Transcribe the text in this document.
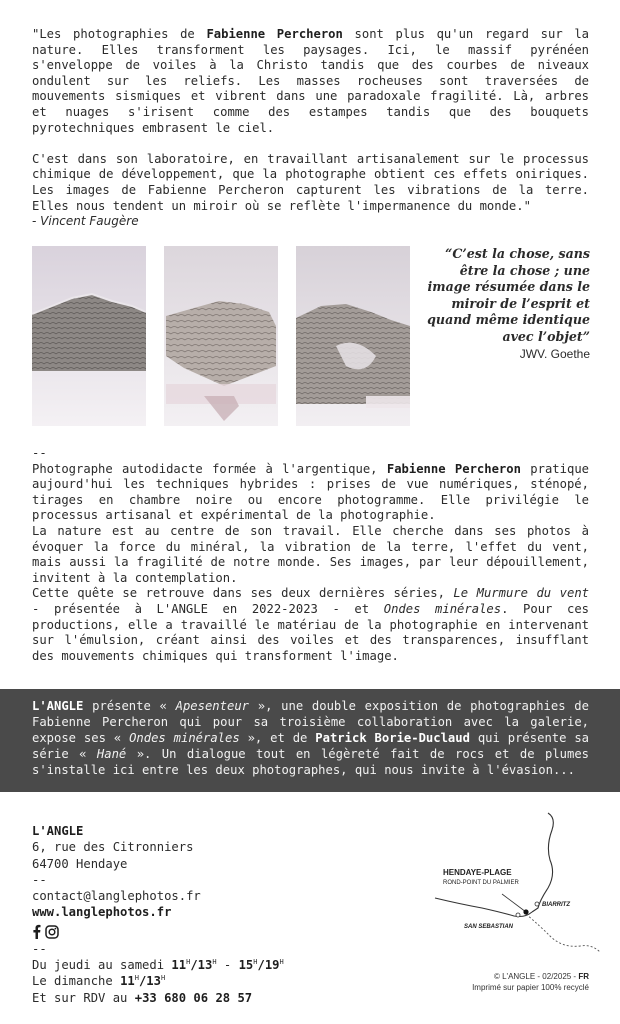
"Les photographies de Fabienne Percheron sont plus qu'un regard sur la nature. Elles transforment les paysages. Ici, le massif pyrénéen s'enveloppe de voiles à la Christo tandis que des courbes de niveaux ondulent sur les reliefs. Les masses rocheuses sont traversées de mouvements sismiques et vibrent dans une paradoxale fragilité. Là, arbres et nuages s'irisent comme des estampes tandis que des bouquets pyrotechniques embrasent le ciel.

C'est dans son laboratoire, en travaillant artisanalement sur le processus chimique de développement, que la photographe obtient ces effets oniriques. Les images de Fabienne Percheron capturent les vibrations de la terre. Elles nous tendent un miroir où se reflète l'impermanence du monde."

- Vincent Faugère

“C’est la chose, sans être la chose ; une image résumée dans le miroir de l’esprit et quand même identique avec l’objet”
JWV. Goethe

--

Photographe autodidacte formée à l'argentique, Fabienne Percheron pratique aujourd'hui les techniques hybrides : prises de vue numériques, sténopé, tirages en chambre noire ou encore photogramme. Elle privilégie le processus artisanal et expérimental de la photographie.

La nature est au centre de son travail. Elle cherche dans ses photos à évoquer la force du minéral, la vibration de la terre, l'effet du vent, mais aussi la fragilité de notre monde. Ses images, par leur dépouillement, invitent à la contemplation.

Cette quête se retrouve dans ses deux dernières séries, Le Murmure du vent - présentée à L'ANGLE en 2022-2023 - et Ondes minérales. Pour ces productions, elle a travaillé le matériau de la photographie en intervenant sur l'émulsion, créant ainsi des voiles et des transparences, insufflant des mouvements chimiques qui transforment l'image.

L'ANGLE présente « Apesenteur », une double exposition de photographies de Fabienne Percheron qui pour sa troisième collaboration avec la galerie, expose ses « Ondes minérales », et de Patrick Borie-Duclaud qui présente sa série « Hané ». Un dialogue tout en légèreté fait de rocs et de plumes s'installe ici entre les deux photographes, qui nous invite à l'évasion...
L'ANGLE
6, rue des Citronniers
64700 Hendaye
--
contact@langlephotos.fr
www.langlephotos.fr
--
Du jeudi au samedi $11^H/13^H - 15^H/19^H$
Le dimanche $11^H/13^H$
Et sur RDV au +33 680 06 28 57
HENDAYE-PLAGE
ROND-POINT DU PALMIER
BIARRITZ
SAN SEBASTIAN
© L'ANGLE - 02/2025 - FR
Imprimé sur papier 100% recyclé
